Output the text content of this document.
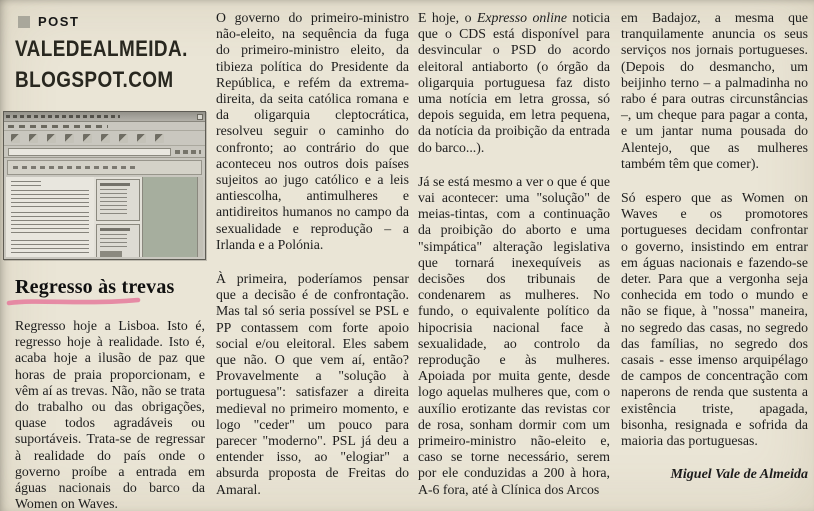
POST
VALEDEALMEIDA.
BLOGSPOT.COM
Regresso às trevas

Regresso hoje a Lisboa. Isto é, regresso hoje à realidade. Isto é, acaba hoje a ilusão de paz que horas de praia proporcionam, e vêm aí as trevas. Não, não se trata do trabalho ou das obrigações, quase todos agradáveis ou suportáveis. Trata-se de regressar à realidade do país onde o governo proíbe a entrada em águas nacionais do barco da Women on Waves.

O governo do primeiro-ministro não-eleito, na sequência da fuga do primeiro-ministro eleito, da tibieza política do Presidente da República, e refém da extrema-direita, da seita católica romana e da oligarquia cleptocrática, resolveu seguir o caminho do confronto; ao contrário do que aconteceu nos outros dois países sujeitos ao jugo católico e a leis antiescolha, antimulheres e antidireitos humanos no campo da sexualidade e reprodução – a Irlanda e a Polónia.

À primeira, poderíamos pensar que a decisão é de confrontação. Mas tal só seria possível se PSL e PP contassem com forte apoio social e/ou eleitoral. Eles sabem que não. O que vem aí, então? Provavelmente a "solução à portuguesa": satisfazer a direita medieval no primeiro momento, e logo "ceder" um pouco para parecer "moderno". PSL já deu a entender isso, ao "elogiar" a absurda proposta de Freitas do Amaral.

E hoje, o Expresso online noticia que o CDS está disponível para desvincular o PSD do acordo eleitoral antiaborto (o órgão da oligarquia portuguesa faz disto uma notícia em letra grossa, só depois seguida, em letra pequena, da notícia da proibição da entrada do barco...).

Já se está mesmo a ver o que é que vai acontecer: uma "solução" de meias-tintas, com a continuação da proibição do aborto e uma "simpática" alteração legislativa que tornará inexequíveis as decisões dos tribunais de condenarem as mulheres. No fundo, o equivalente político da hipocrisia nacional face à sexualidade, ao controlo da reprodução e às mulheres. Apoiada por muita gente, desde logo aquelas mulheres que, com o auxílio erotizante das revistas cor de rosa, sonham dormir com um primeiro-ministro não-eleito e, caso se torne necessário, serem por ele conduzidas a 200 à hora, A-6 fora, até à Clínica dos Arcos

em Badajoz, a mesma que tranquilamente anuncia os seus serviços nos jornais portugueses. (Depois do desmancho, um beijinho terno – a palmadinha no rabo é para outras circunstâncias –, um cheque para pagar a conta, e um jantar numa pousada do Alentejo, que as mulheres também têm que comer).

Só espero que as Women on Waves e os promotores portugueses decidam confrontar o governo, insistindo em entrar em águas nacionais e fazendo-se deter. Para que a vergonha seja conhecida em todo o mundo e não se fique, à "nossa" maneira, no segredo das casas, no segredo das famílias, no segredo dos casais - esse imenso arquipélago de campos de concentração com naperons de renda que sustenta a existência triste, apagada, bisonha, resignada e sofrida da maioria das portuguesas.

Miguel Vale de Almeida
